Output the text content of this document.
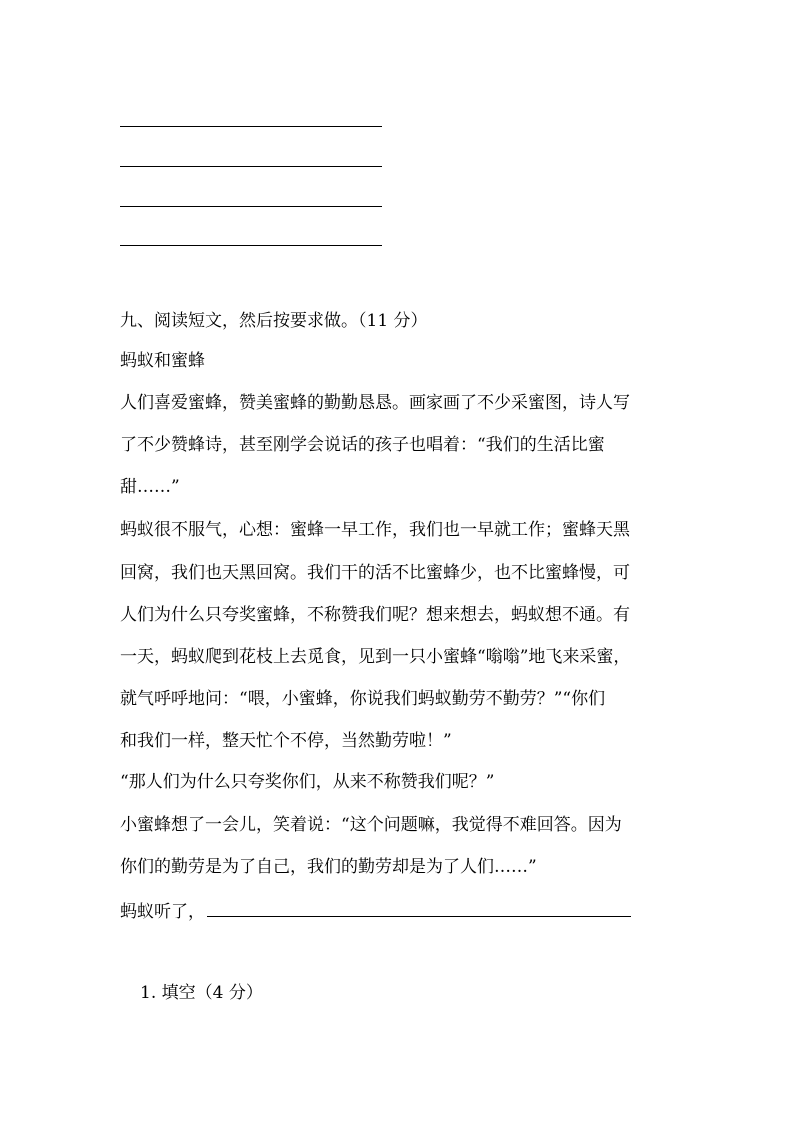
九、阅读短文，然后按要求做。（11 分）
蚂蚁和蜜蜂
人们喜爱蜜蜂，赞美蜜蜂的勤勤恳恳。画家画了不少采蜜图，诗人写
了不少赞蜂诗，甚至刚学会说话的孩子也唱着：“我们的生活比蜜
甜……”
蚂蚁很不服气，心想：蜜蜂一早工作，我们也一早就工作；蜜蜂天黑
回窝，我们也天黑回窝。我们干的活不比蜜蜂少，也不比蜜蜂慢，可
人们为什么只夸奖蜜蜂，不称赞我们呢？想来想去，蚂蚁想不通。有
一天，蚂蚁爬到花枝上去觅食，见到一只小蜜蜂“嗡嗡”地飞来采蜜，
就气呼呼地问：“喂，小蜜蜂，你说我们蚂蚁勤劳不勤劳？”“你们
和我们一样，整天忙个不停，当然勤劳啦！”
“那人们为什么只夸奖你们，从来不称赞我们呢？”
小蜜蜂想了一会儿，笑着说：“这个问题嘛，我觉得不难回答。因为
你们的勤劳是为了自己，我们的勤劳却是为了人们……”
蚂蚁听了，
1. 填空（4 分）
